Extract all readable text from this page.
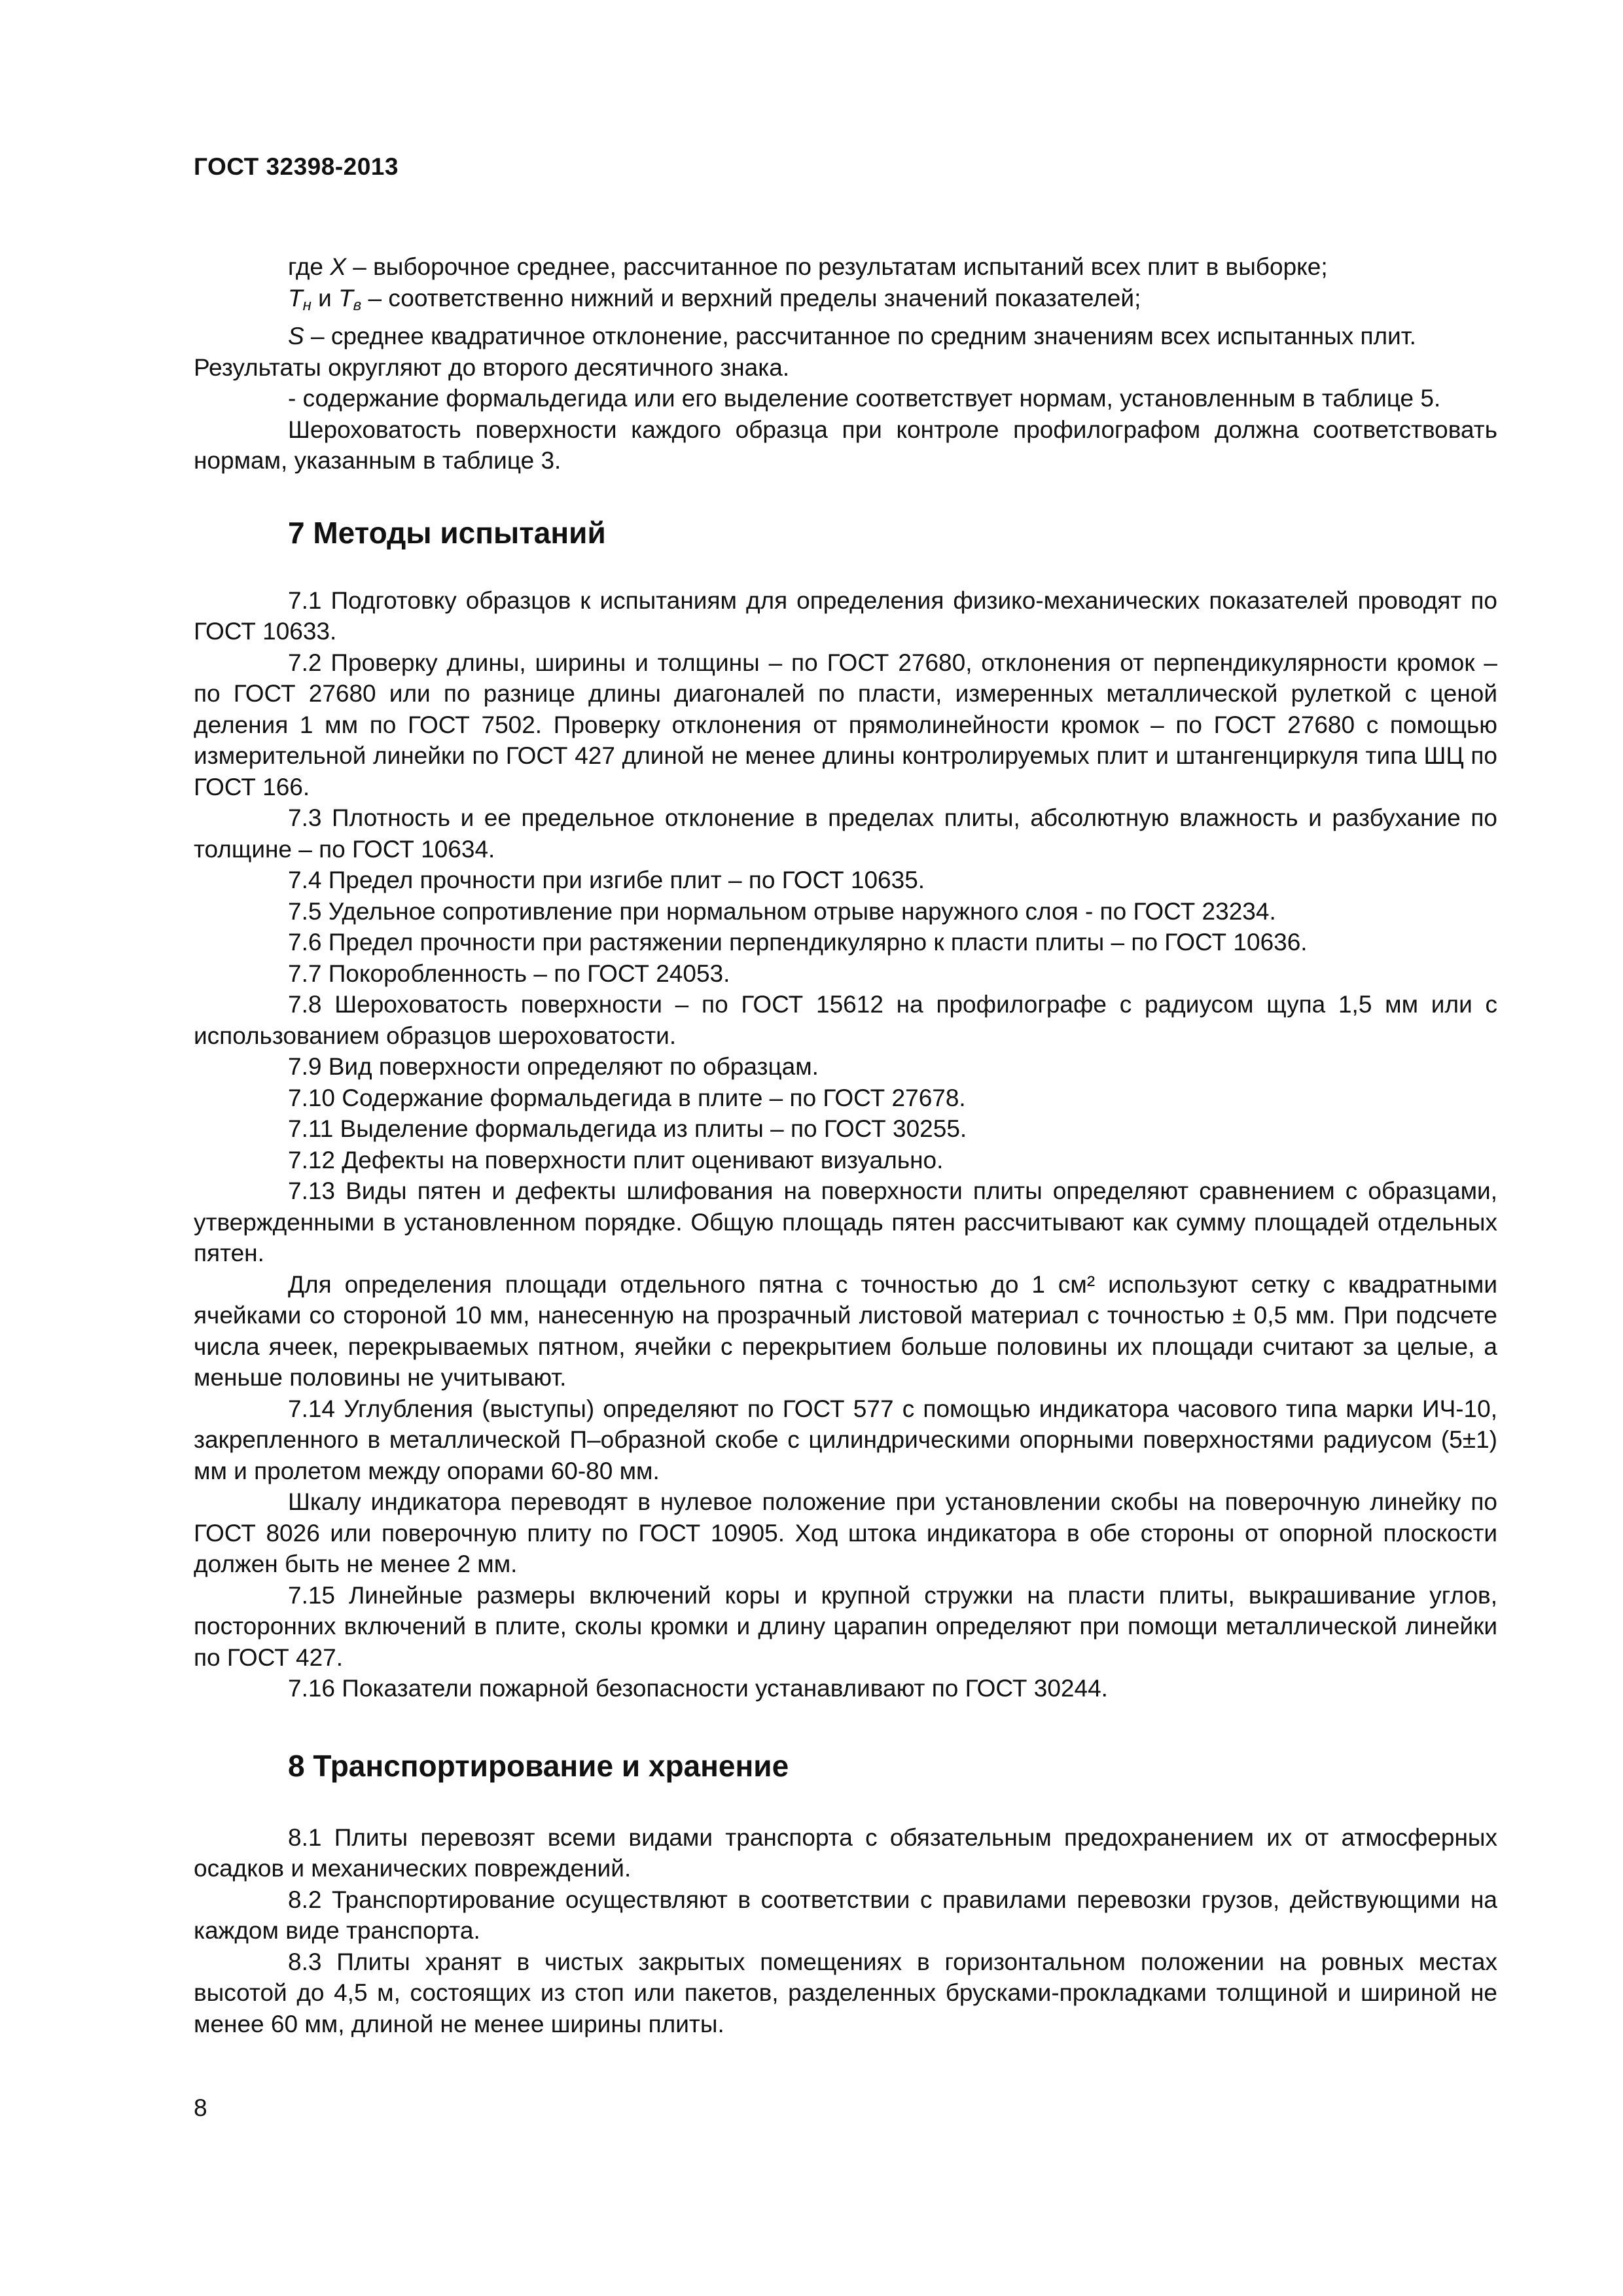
ГОСТ 32398-2013

где X – выборочное среднее, рассчитанное по результатам испытаний всех плит в выборке;

$T_н$ и $T_в$ – соответственно нижний и верхний пределы значений показателей;

S – среднее квадратичное отклонение, рассчитанное по средним значениям всех испытанных плит.

Результаты округляют до второго десятичного знака.

- содержание формальдегида или его выделение соответствует нормам, установленным в таблице 5.

Шероховатость поверхности каждого образца при контроле профилографом должна соответствовать нормам, указанным в таблице 3.

7 Методы испытаний

7.1 Подготовку образцов к испытаниям для определения физико-механических показателей проводят по ГОСТ 10633.

7.2 Проверку длины, ширины и толщины – по ГОСТ 27680, отклонения от перпендикулярности кромок – по ГОСТ 27680 или по разнице длины диагоналей по пласти, измеренных металлической рулеткой с ценой деления 1 мм по ГОСТ 7502. Проверку отклонения от прямолинейности кромок – по ГОСТ 27680 с помощью измерительной линейки по ГОСТ 427 длиной не менее длины контролируемых плит и штангенциркуля типа ШЦ по ГОСТ 166.

7.3 Плотность и ее предельное отклонение в пределах плиты, абсолютную влажность и разбухание по толщине – по ГОСТ 10634.

7.4 Предел прочности при изгибе плит – по ГОСТ 10635.

7.5 Удельное сопротивление при нормальном отрыве наружного слоя - по ГОСТ 23234.

7.6 Предел прочности при растяжении перпендикулярно к пласти плиты – по ГОСТ 10636.

7.7 Покоробленность – по ГОСТ 24053.

7.8 Шероховатость поверхности – по ГОСТ 15612 на профилографе с радиусом щупа 1,5 мм или с использованием образцов шероховатости.

7.9 Вид поверхности определяют по образцам.

7.10 Содержание формальдегида в плите – по ГОСТ 27678.

7.11 Выделение формальдегида из плиты – по ГОСТ 30255.

7.12 Дефекты на поверхности плит оценивают визуально.

7.13 Виды пятен и дефекты шлифования на поверхности плиты определяют сравнением с образцами, утвержденными в установленном порядке. Общую площадь пятен рассчитывают как сумму площадей отдельных пятен.

Для определения площади отдельного пятна с точностью до 1 см² используют сетку с квадратными ячейками со стороной 10 мм, нанесенную на прозрачный листовой материал с точностью ± 0,5 мм. При подсчете числа ячеек, перекрываемых пятном, ячейки с перекрытием больше половины их площади считают за целые, а меньше половины не учитывают.

7.14 Углубления (выступы) определяют по ГОСТ 577 с помощью индикатора часового типа марки ИЧ-10, закрепленного в металлической П–образной скобе с цилиндрическими опорными поверхностями радиусом (5±1) мм и пролетом между опорами 60-80 мм.

Шкалу индикатора переводят в нулевое положение при установлении скобы на поверочную линейку по ГОСТ 8026 или поверочную плиту по ГОСТ 10905. Ход штока индикатора в обе стороны от опорной плоскости должен быть не менее 2 мм.

7.15 Линейные размеры включений коры и крупной стружки на пласти плиты, выкрашивание углов, посторонних включений в плите, сколы кромки и длину царапин определяют при помощи металлической линейки по ГОСТ 427.

7.16 Показатели пожарной безопасности устанавливают по ГОСТ 30244.

8 Транспортирование и хранение

8.1 Плиты перевозят всеми видами транспорта с обязательным предохранением их от атмосферных осадков и механических повреждений.

8.2 Транспортирование осуществляют в соответствии с правилами перевозки грузов, действующими на каждом виде транспорта.

8.3 Плиты хранят в чистых закрытых помещениях в горизонтальном положении на ровных местах высотой до 4,5 м, состоящих из стоп или пакетов, разделенных брусками-прокладками толщиной и шириной не менее 60 мм, длиной не менее ширины плиты.

8
